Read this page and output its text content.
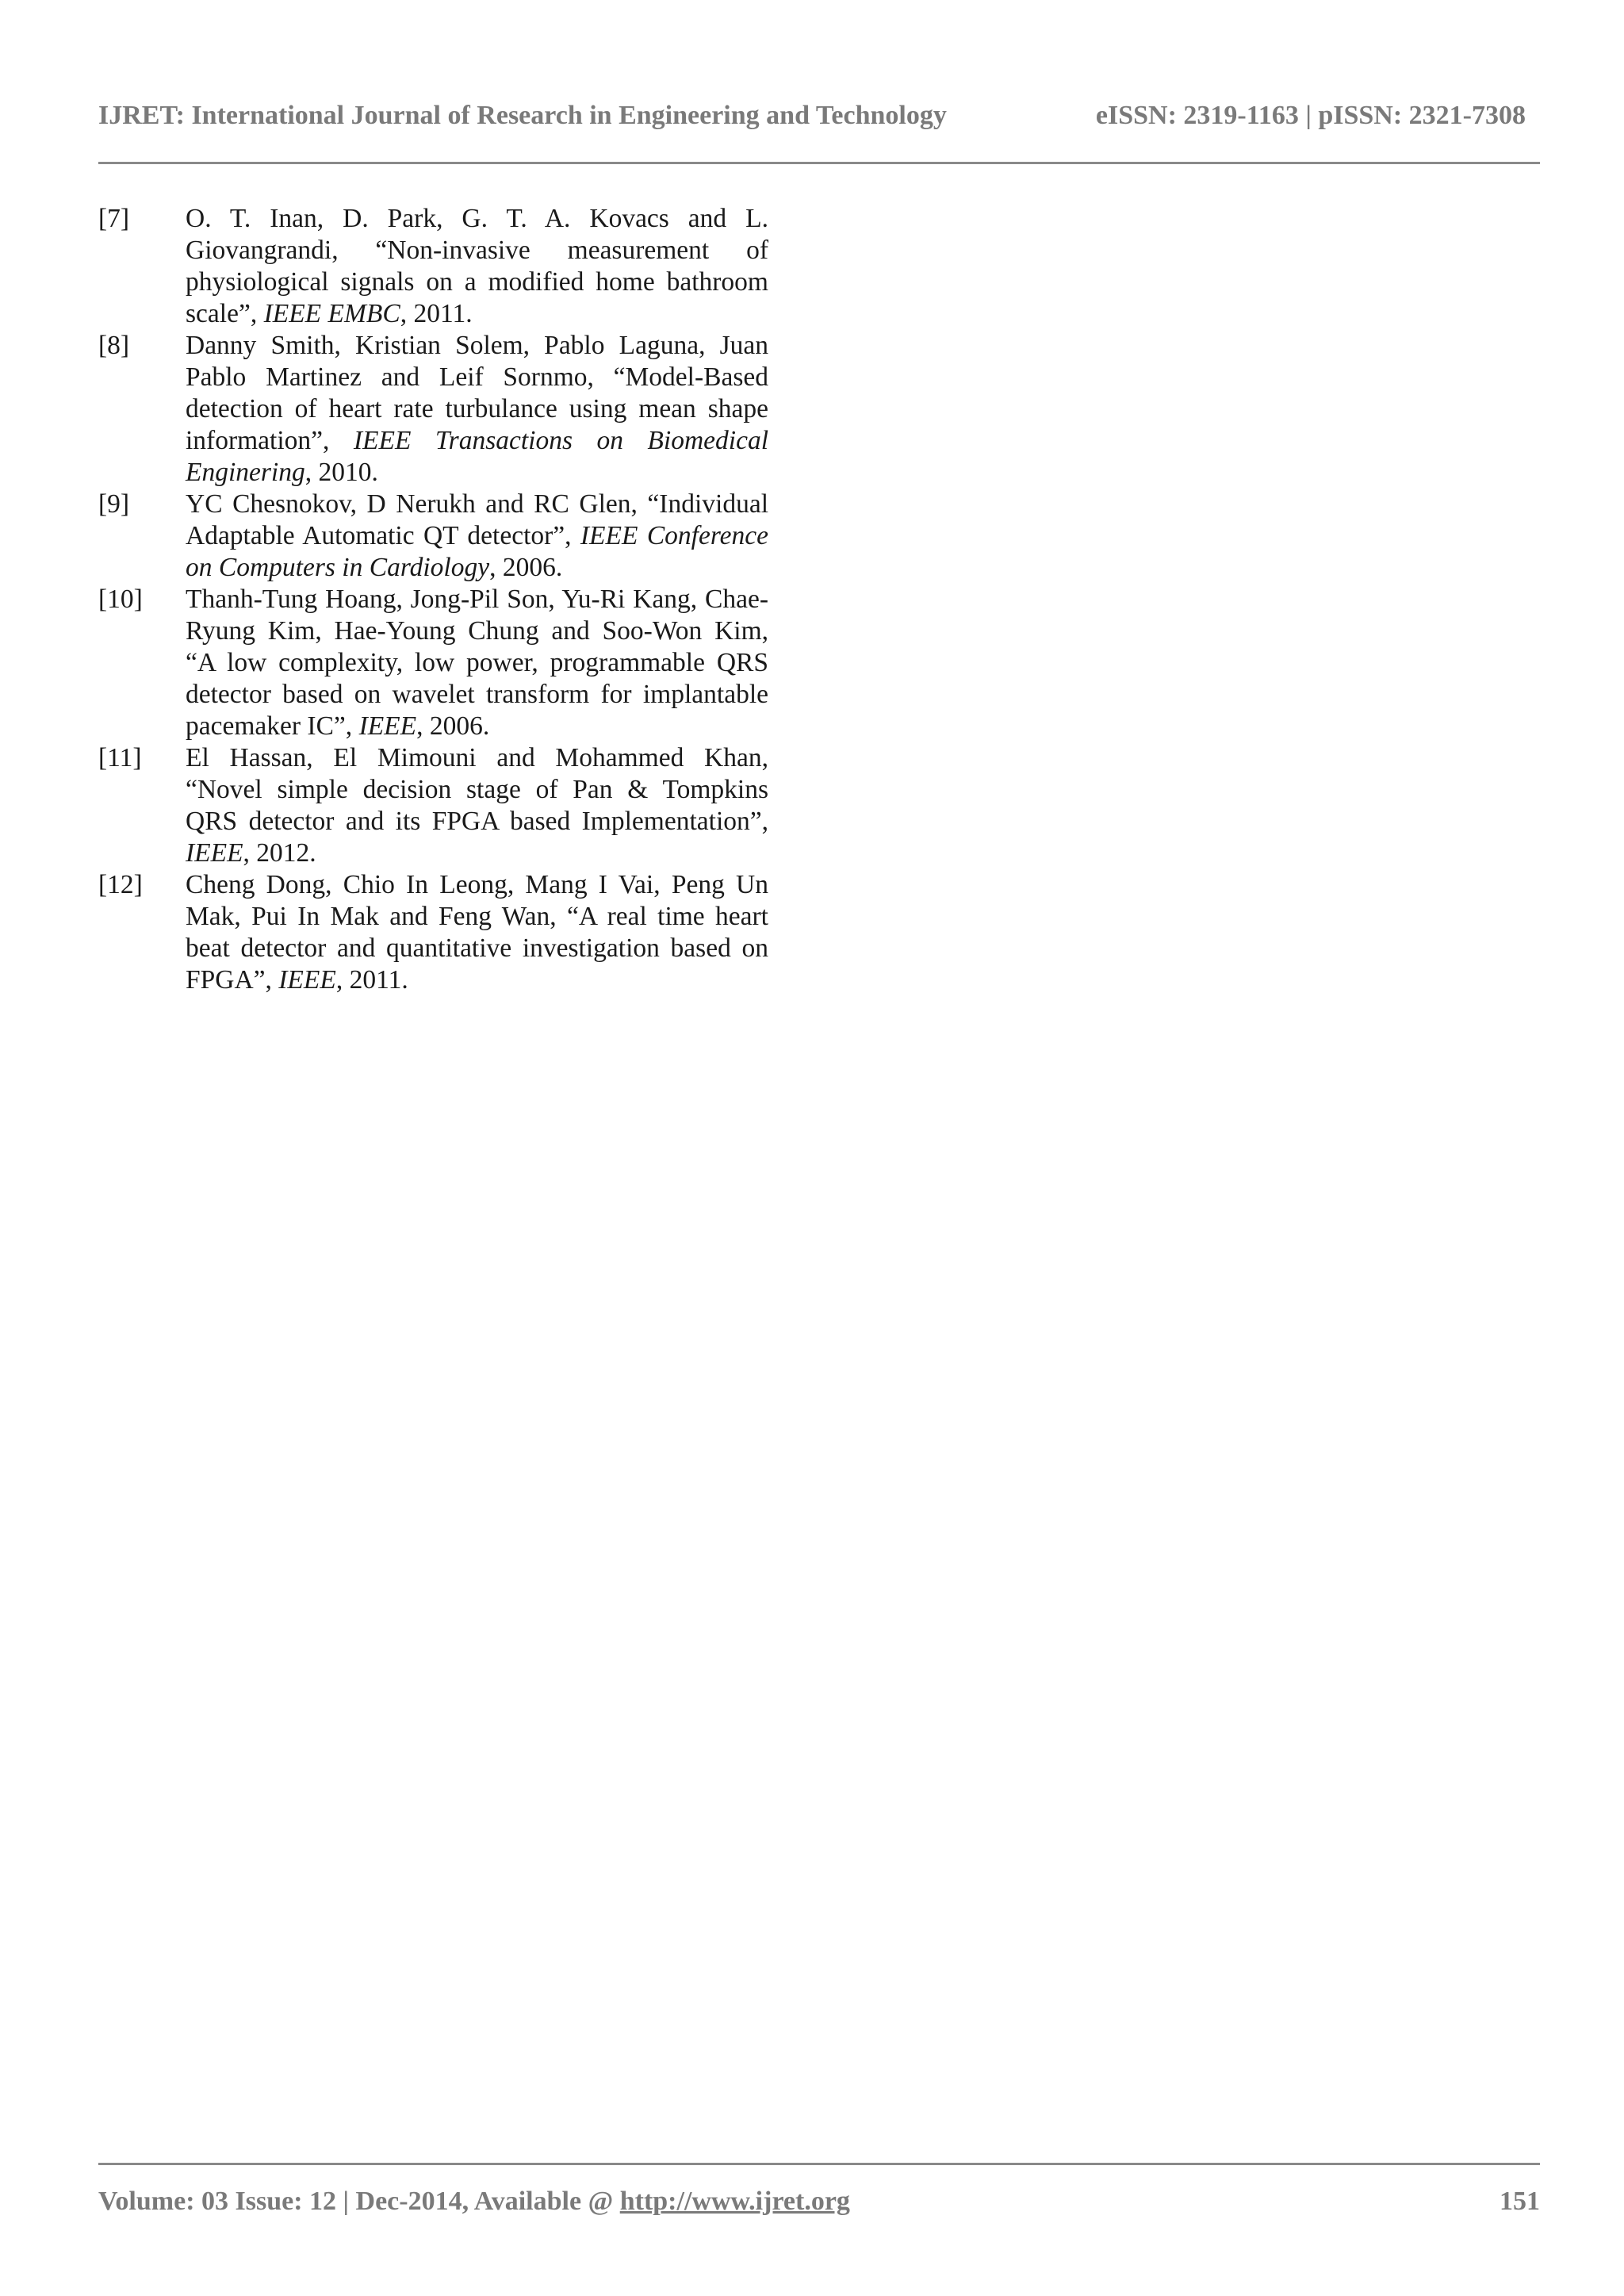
IJRET: International Journal of Research in Engineering and Technology	eISSN: 2319-1163 | pISSN: 2321-7308
[7]	O. T. Inan, D. Park, G. T. A. Kovacs and L. Giovangrandi, “Non-invasive measurement of physiological signals on a modified home bathroom scale”, IEEE EMBC, 2011.
[8]	Danny Smith, Kristian Solem, Pablo Laguna, Juan Pablo Martinez and Leif Sornmo, “Model-Based detection of heart rate turbulance using mean shape information”, IEEE Transactions on Biomedical Enginering, 2010.
[9]	YC Chesnokov, D Nerukh and RC Glen, “Individual Adaptable Automatic QT detector”, IEEE Conference on Computers in Cardiology, 2006.
[10]	Thanh-Tung Hoang, Jong-Pil Son, Yu-Ri Kang, Chae-Ryung Kim, Hae-Young Chung and Soo-Won Kim, “A low complexity, low power, programmable QRS detector based on wavelet transform for implantable pacemaker IC”, IEEE, 2006.
[11]	El Hassan, El Mimouni and Mohammed Khan, “Novel simple decision stage of Pan & Tompkins QRS detector and its FPGA based Implementation”, IEEE, 2012.
[12]	Cheng Dong, Chio In Leong, Mang I Vai, Peng Un Mak, Pui In Mak and Feng Wan, “A real time heart beat detector and quantitative investigation based on FPGA”, IEEE, 2011.
Volume: 03 Issue: 12 | Dec-2014, Available @ http://www.ijret.org	151
